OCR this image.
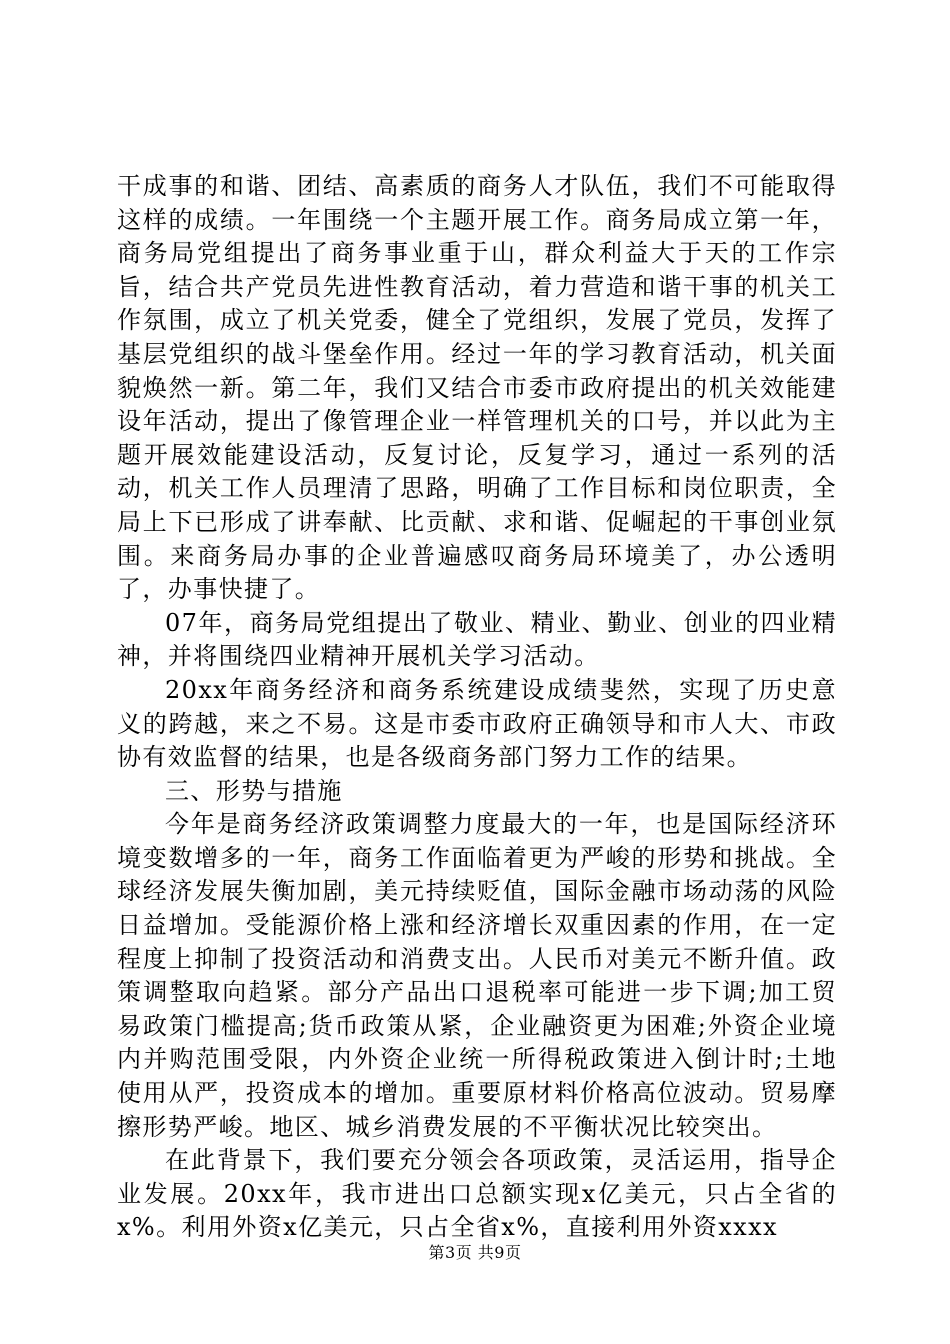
干成事的和谐、团结、高素质的商务人才队伍，我们不可能取得这样的成绩。一年围绕一个主题开展工作。商务局成立第一年，商务局党组提出了商务事业重于山，群众利益大于天的工作宗旨，结合共产党员先进性教育活动，着力营造和谐干事的机关工作氛围，成立了机关党委，健全了党组织，发展了党员，发挥了基层党组织的战斗堡垒作用。经过一年的学习教育活动，机关面貌焕然一新。第二年，我们又结合市委市政府提出的机关效能建设年活动，提出了像管理企业一样管理机关的口号，并以此为主题开展效能建设活动，反复讨论，反复学习，通过一系列的活动，机关工作人员理清了思路，明确了工作目标和岗位职责，全局上下已形成了讲奉献、比贡献、求和谐、促崛起的干事创业氛围。来商务局办事的企业普遍感叹商务局环境美了，办公透明了，办事快捷了。

07年，商务局党组提出了敬业、精业、勤业、创业的四业精神，并将围绕四业精神开展机关学习活动。

20xx年商务经济和商务系统建设成绩斐然，实现了历史意义的跨越，来之不易。这是市委市政府正确领导和市人大、市政协有效监督的结果，也是各级商务部门努力工作的结果。

三、形势与措施

今年是商务经济政策调整力度最大的一年，也是国际经济环境变数增多的一年，商务工作面临着更为严峻的形势和挑战。全球经济发展失衡加剧，美元持续贬值，国际金融市场动荡的风险日益增加。受能源价格上涨和经济增长双重因素的作用，在一定程度上抑制了投资活动和消费支出。人民币对美元不断升值。政策调整取向趋紧。部分产品出口退税率可能进一步下调;加工贸易政策门槛提高;货币政策从紧，企业融资更为困难;外资企业境内并购范围受限，内外资企业统一所得税政策进入倒计时;土地使用从严，投资成本的增加。重要原材料价格高位波动。贸易摩擦形势严峻。地区、城乡消费发展的不平衡状况比较突出。

在此背景下，我们要充分领会各项政策，灵活运用，指导企业发展。20xx年，我市进出口总额实现x亿美元，只占全省的x%。利用外资x亿美元，只占全省x%，直接利用外资xxxx

第3页 共9页
